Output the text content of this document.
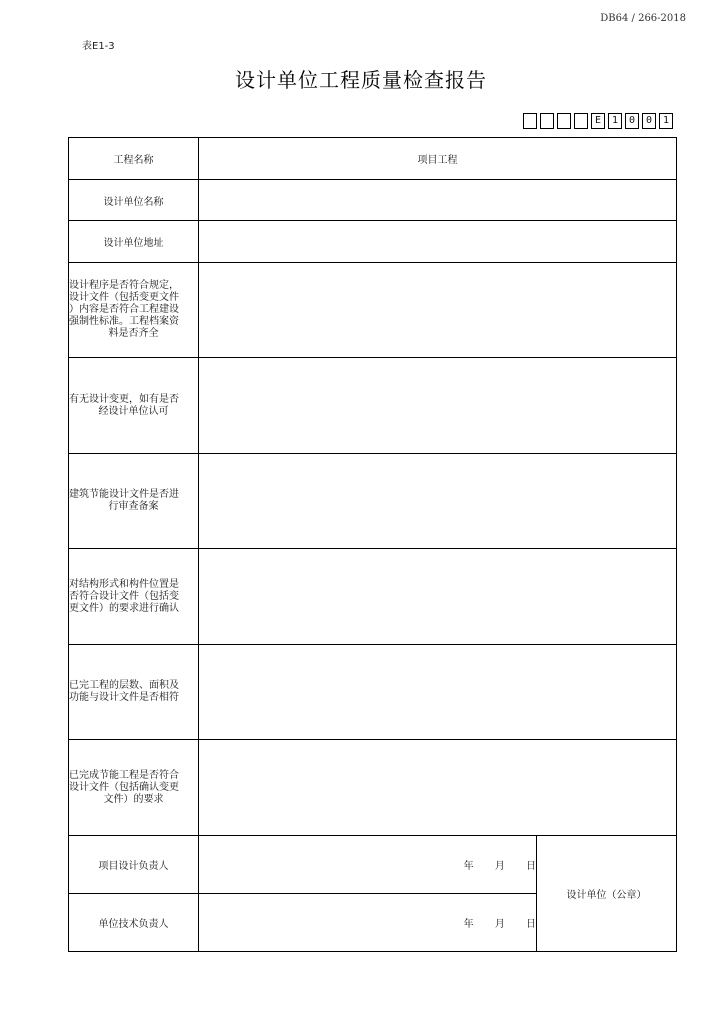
DB64 / 266-2018
表E1-3
设计单位工程质量检查报告
E	1	0	0	1
工程名称	项目工程	
设计单位名称		
设计单位地址		

设计程序是否符合规定，
设计文件（包括变更文件
）内容是否符合工程建设
强制性标准。工程档案资
料是否齐全		

有无设计变更，如有是否
经设计单位认可		

建筑节能设计文件是否进
行审查备案		

对结构形式和构件位置是
否符合设计文件（包括变
更文件）的要求进行确认		

已完工程的层数、面积及
功能与设计文件是否相符		

已完成节能工程是否符合
设计文件（包括确认变更
文件）的要求		

项目设计负责人	年 月 日	设计单位（公章）
单位技术负责人	年 月 日	
